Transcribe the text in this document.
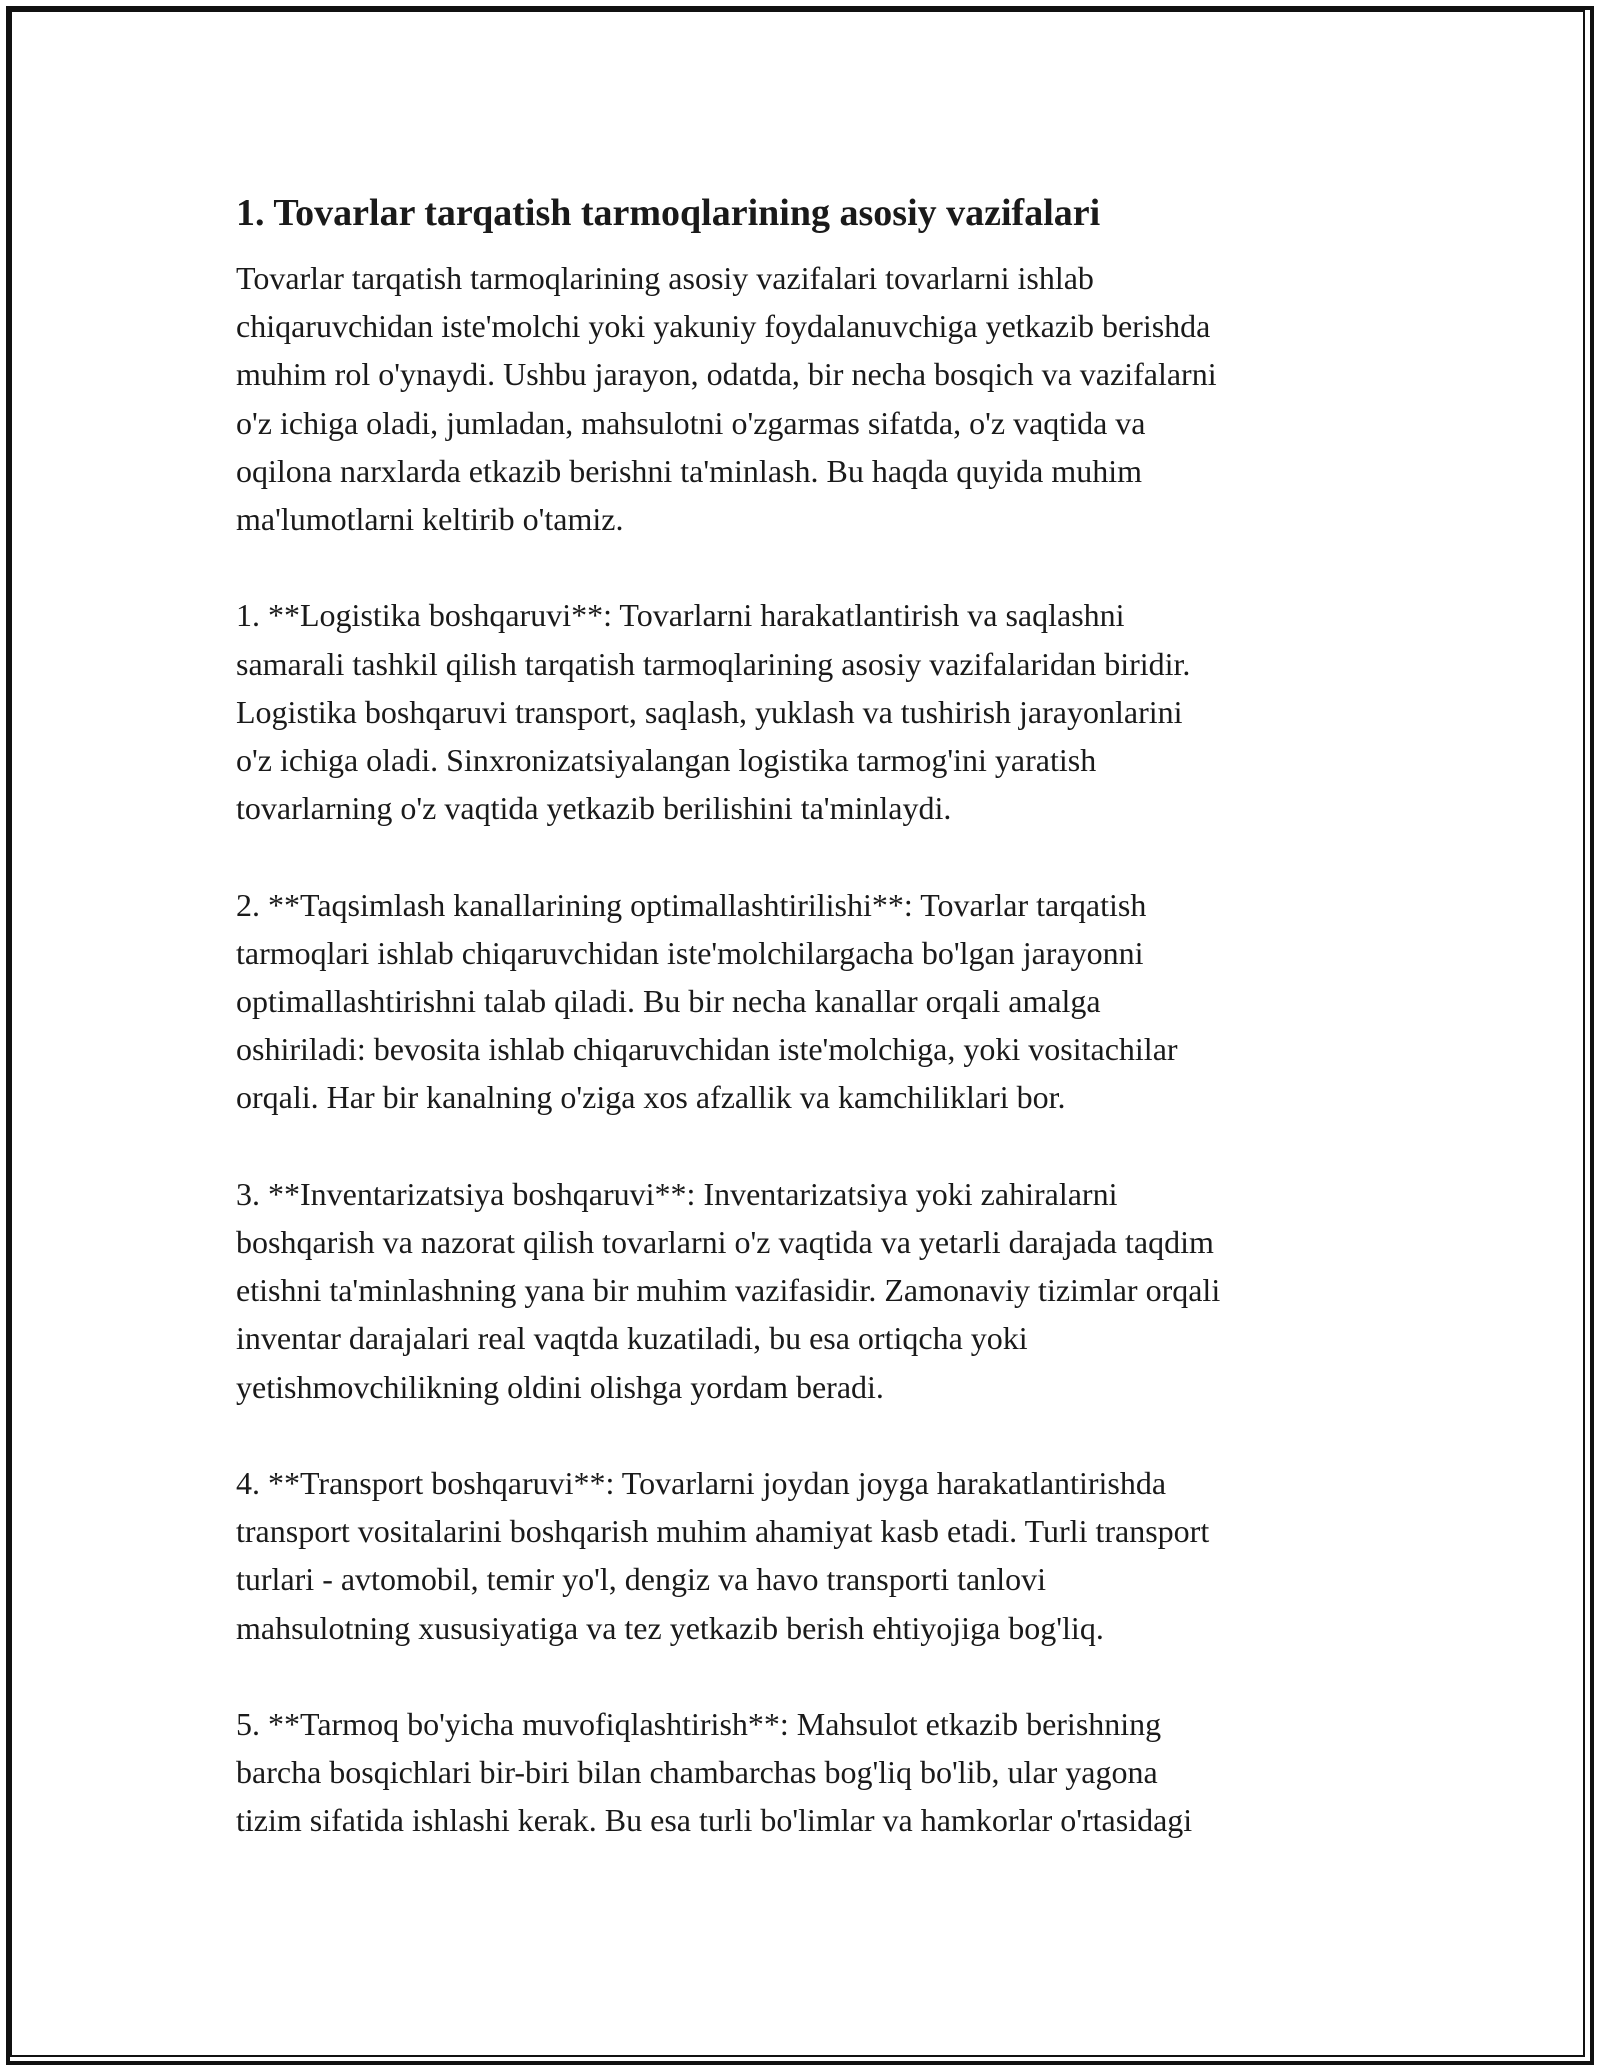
1. Tovarlar tarqatish tarmoqlarining asosiy vazifalari

Tovarlar tarqatish tarmoqlarining asosiy vazifalari tovarlarni ishlab
chiqaruvchidan iste'molchi yoki yakuniy foydalanuvchiga yetkazib berishda
muhim rol o'ynaydi. Ushbu jarayon, odatda, bir necha bosqich va vazifalarni
o'z ichiga oladi, jumladan, mahsulotni o'zgarmas sifatda, o'z vaqtida va
oqilona narxlarda etkazib berishni ta'minlash. Bu haqda quyida muhim
ma'lumotlarni keltirib o'tamiz.

1. **Logistika boshqaruvi**: Tovarlarni harakatlantirish va saqlashni
samarali tashkil qilish tarqatish tarmoqlarining asosiy vazifalaridan biridir.
Logistika boshqaruvi transport, saqlash, yuklash va tushirish jarayonlarini
o'z ichiga oladi. Sinxronizatsiyalangan logistika tarmog'ini yaratish
tovarlarning o'z vaqtida yetkazib berilishini ta'minlaydi.

2. **Taqsimlash kanallarining optimallashtirilishi**: Tovarlar tarqatish
tarmoqlari ishlab chiqaruvchidan iste'molchilargacha bo'lgan jarayonni
optimallashtirishni talab qiladi. Bu bir necha kanallar orqali amalga
oshiriladi: bevosita ishlab chiqaruvchidan iste'molchiga, yoki vositachilar
orqali. Har bir kanalning o'ziga xos afzallik va kamchiliklari bor.

3. **Inventarizatsiya boshqaruvi**: Inventarizatsiya yoki zahiralarni
boshqarish va nazorat qilish tovarlarni o'z vaqtida va yetarli darajada taqdim
etishni ta'minlashning yana bir muhim vazifasidir. Zamonaviy tizimlar orqali
inventar darajalari real vaqtda kuzatiladi, bu esa ortiqcha yoki
yetishmovchilikning oldini olishga yordam beradi.

4. **Transport boshqaruvi**: Tovarlarni joydan joyga harakatlantirishda
transport vositalarini boshqarish muhim ahamiyat kasb etadi. Turli transport
turlari - avtomobil, temir yo'l, dengiz va havo transporti tanlovi
mahsulotning xususiyatiga va tez yetkazib berish ehtiyojiga bog'liq.

5. **Tarmoq bo'yicha muvofiqlashtirish**: Mahsulot etkazib berishning
barcha bosqichlari bir-biri bilan chambarchas bog'liq bo'lib, ular yagona
tizim sifatida ishlashi kerak. Bu esa turli bo'limlar va hamkorlar o'rtasidagi
